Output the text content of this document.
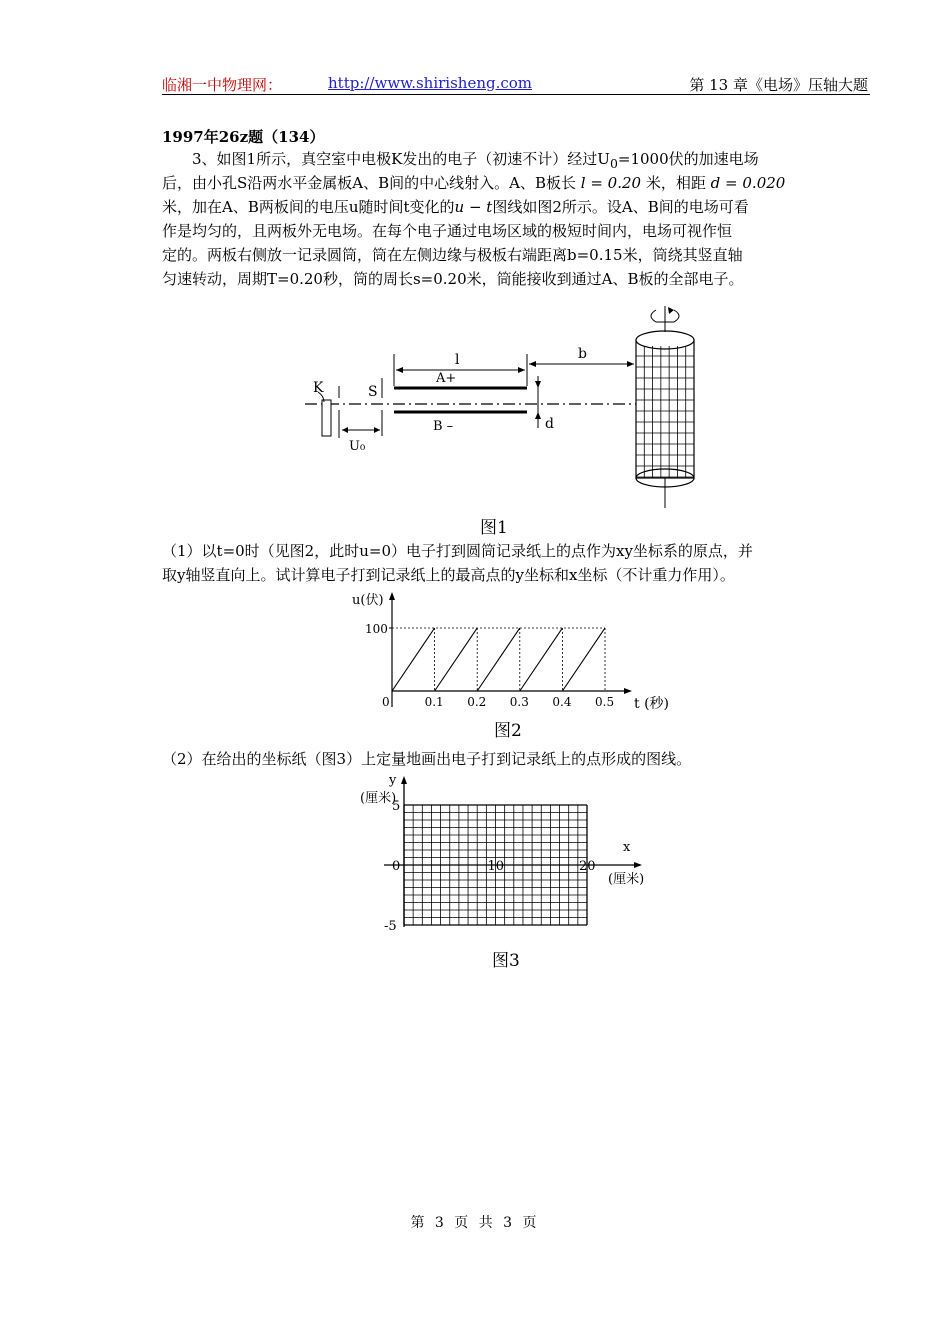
临湘一中物理网：	http://www.shirisheng.com	第 13 章《电场》压轴大题
1997年26z题（134）
3、如图1所示，真空室中电极K发出的电子（初速不计）经过$U_0=1000$伏的加速电场
后，由小孔S沿两水平金属板A、B间的中心线射入。A、B板长 l = 0.20 米，相距 d = 0.020
米，加在A、B两板间的电压u随时间t变化的u − t图线如图2所示。设A、B间的电场可看
作是均匀的，且两板外无电场。在每个电子通过电场区域的极短时间内，电场可视作恒
定的。两板右侧放一记录圆筒，筒在左侧边缘与极板右端距离b=0.15米，筒绕其竖直轴
匀速转动，周期T=0.20秒，筒的周长s=0.20米，筒能接收到通过A、B板的全部电子。
K	S
U₀
A+
B –
l	b
d
图1
（1）以t=0时（见图2，此时u=0）电子打到圆筒记录纸上的点作为xy坐标系的原点，并
取y轴竖直向上。试计算电子打到记录纸上的最高点的y坐标和x坐标（不计重力作用）。
0	0.1 0.2 0.3 0.4 0.5
100
u(伏)
t (秒)
图2
（2）在给出的坐标纸（图3）上定量地画出电子打到记录纸上的点形成的图线。
5
0
-5
10	20
y
(厘米)
x
(厘米)
图3
第 3 页 共 3 页
